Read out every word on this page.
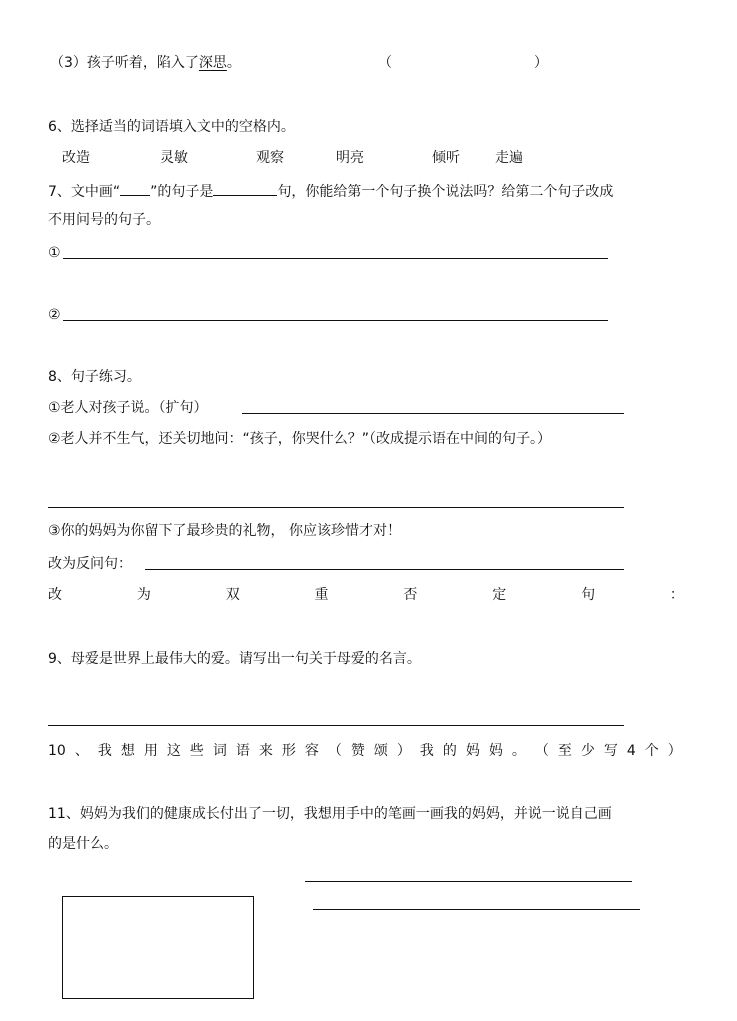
（3）孩子听着，陷入了深思。	（	）
6、选择适当的词语填入文中的空格内。
改造	灵敏	观察	明亮	倾听	走遍
7、文中画“ ”的句子是	句，你能给第一个句子换个说法吗？给第二个句子改成
不用问号的句子。
①
②
8、句子练习。
①老人对孩子说。（扩句）
②老人并不生气，还关切地问：“孩子，你哭什么？”（改成提示语在中间的句子。）
③你的妈妈为你留下了最珍贵的礼物， 你应该珍惜才对！
改为反问句：
改	为	双	重	否	定	句	：
9、母爱是世界上最伟大的爱。请写出一句关于母爱的名言。
10 、 我 想 用 这 些 词 语 来 形 容 （ 赞 颂 ） 我 的 妈 妈 。 （ 至 少 写 4 个 ）
11、妈妈为我们的健康成长付出了一切，我想用手中的笔画一画我的妈妈，并说一说自己画
的是什么。
